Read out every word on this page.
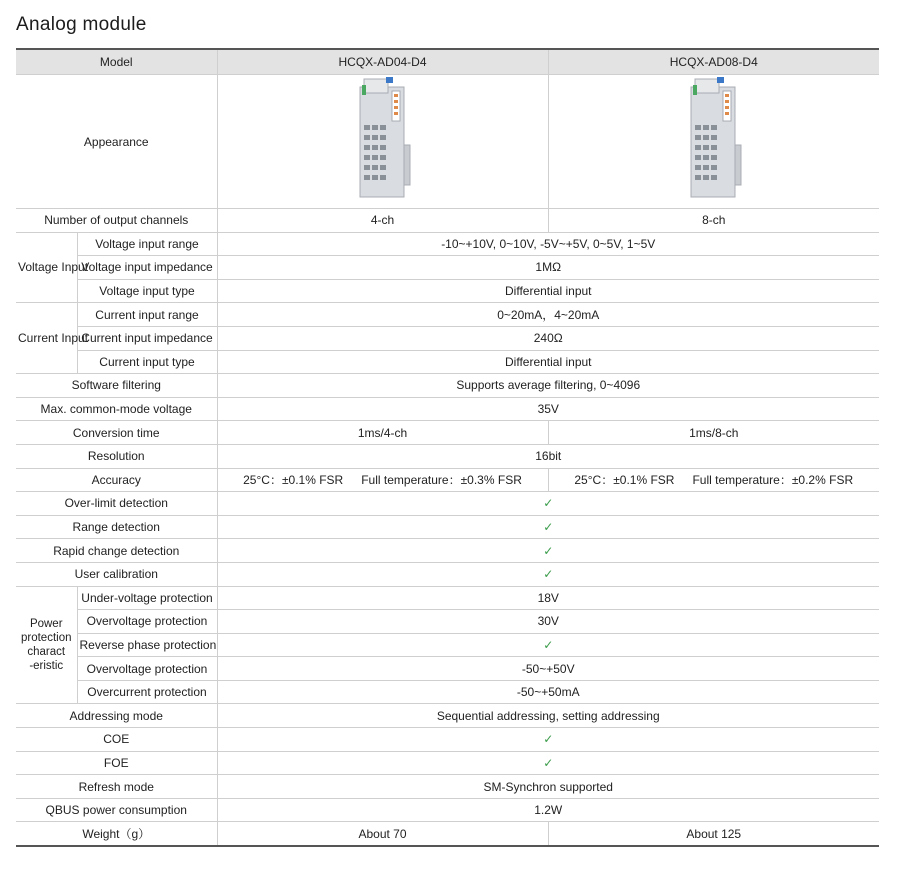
Analog module
Model		HCQX-AD04-D4	HCQX-AD08-D4
Appearance		
Number of output channels		4-ch	8-ch
Voltage Input	Voltage input range	-10~+10V, 0~10V, -5V~+5V, 0~5V, 1~5V	
	Voltage input impedance	1MΩ	
	Voltage input type	Differential input	
Current Input	Current input range	0~20mA，4~20mA	
	Current input impedance	240Ω	
	Current input type	Differential input	
Software filtering		Supports average filtering, 0~4096	
Max. common-mode voltage		35V	
Conversion time		1ms/4-ch	1ms/8-ch
Resolution		16bit	
Accuracy		25°C：±0.1% FSR Full temperature：±0.3% FSR	25°C：±0.1% FSR Full temperature：±0.2% FSR

Over-limit detection		✓	
Range detection		✓	
Rapid change detection		✓	
User calibration		✓	
Power
protection
charact
-eristic	Under-voltage protection	18V	
	Overvoltage protection	30V	
	Reverse phase protection	✓	
	Overvoltage protection	-50~+50V	
	Overcurrent protection	-50~+50mA	
Addressing mode		Sequential addressing, setting addressing	
COE		✓	
FOE		✓	
Refresh mode		SM-Synchron supported	
QBUS power consumption		1.2W	
Weight（g）		About 70	About 125
